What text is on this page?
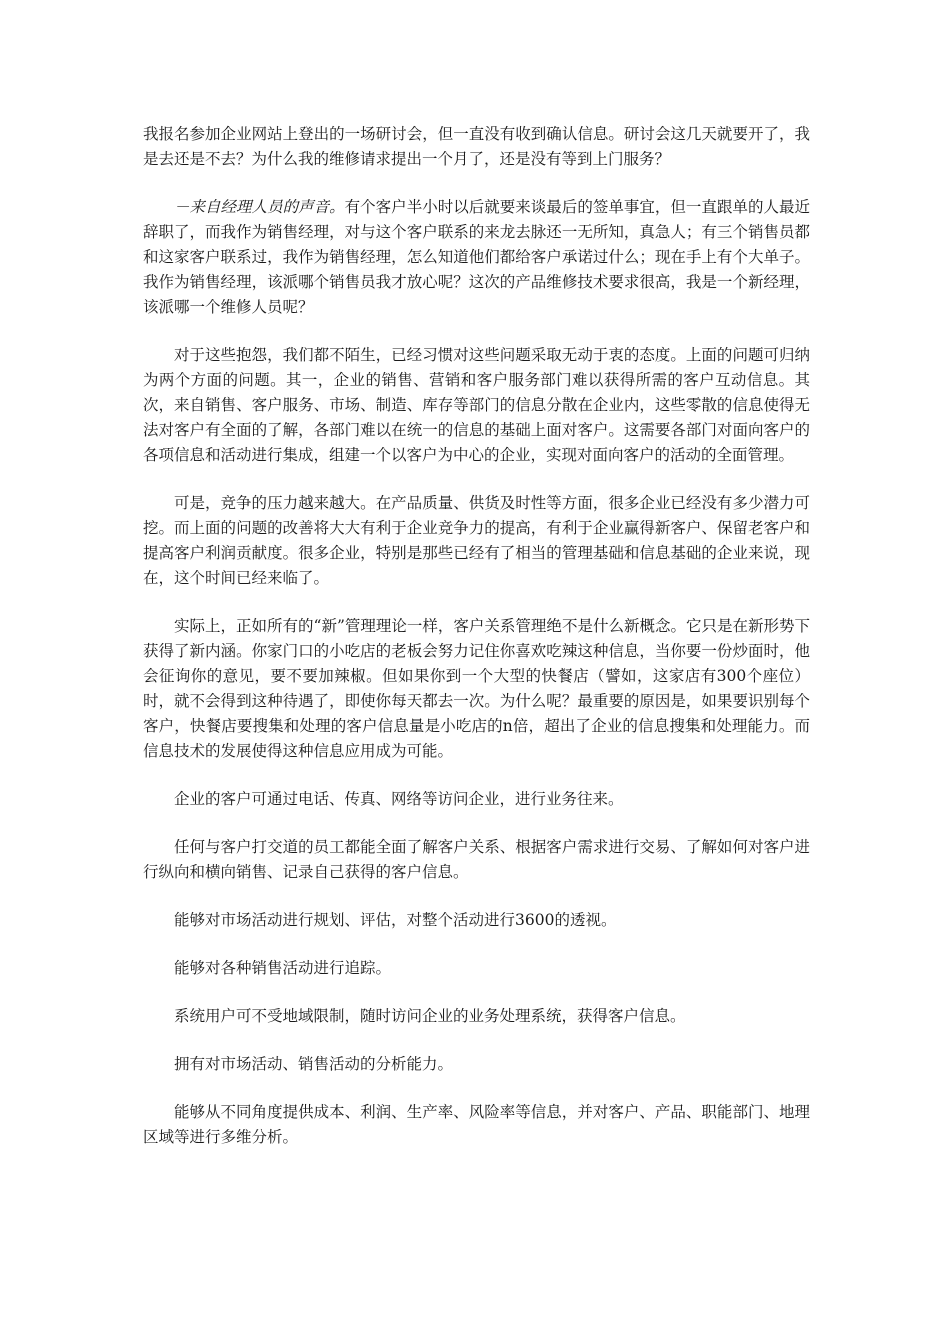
我报名参加企业网站上登出的一场研讨会，但一直没有收到确认信息。研讨会这几天就要开了，我是去还是不去？为什么我的维修请求提出一个月了，还是没有等到上门服务？

－来自经理人员的声音。有个客户半小时以后就要来谈最后的签单事宜，但一直跟单的人最近辞职了，而我作为销售经理，对与这个客户联系的来龙去脉还一无所知，真急人；有三个销售员都和这家客户联系过，我作为销售经理，怎么知道他们都给客户承诺过什么；现在手上有个大单子。我作为销售经理，该派哪个销售员我才放心呢？这次的产品维修技术要求很高，我是一个新经理，该派哪一个维修人员呢？

对于这些抱怨，我们都不陌生，已经习惯对这些问题采取无动于衷的态度。上面的问题可归纳为两个方面的问题。其一，企业的销售、营销和客户服务部门难以获得所需的客户互动信息。其次，来自销售、客户服务、市场、制造、库存等部门的信息分散在企业内，这些零散的信息使得无法对客户有全面的了解，各部门难以在统一的信息的基础上面对客户。这需要各部门对面向客户的各项信息和活动进行集成，组建一个以客户为中心的企业，实现对面向客户的活动的全面管理。

可是，竞争的压力越来越大。在产品质量、供货及时性等方面，很多企业已经没有多少潜力可挖。而上面的问题的改善将大大有利于企业竞争力的提高，有利于企业赢得新客户、保留老客户和提高客户利润贡献度。很多企业，特别是那些已经有了相当的管理基础和信息基础的企业来说，现在，这个时间已经来临了。

实际上，正如所有的“新”管理理论一样，客户关系管理绝不是什么新概念。它只是在新形势下获得了新内涵。你家门口的小吃店的老板会努力记住你喜欢吃辣这种信息，当你要一份炒面时，他会征询你的意见，要不要加辣椒。但如果你到一个大型的快餐店（譬如，这家店有300个座位）时，就不会得到这种待遇了，即使你每天都去一次。为什么呢？最重要的原因是，如果要识别每个客户，快餐店要搜集和处理的客户信息量是小吃店的n倍，超出了企业的信息搜集和处理能力。而信息技术的发展使得这种信息应用成为可能。

企业的客户可通过电话、传真、网络等访问企业，进行业务往来。

任何与客户打交道的员工都能全面了解客户关系、根据客户需求进行交易、了解如何对客户进行纵向和横向销售、记录自己获得的客户信息。

能够对市场活动进行规划、评估，对整个活动进行3600的透视。

能够对各种销售活动进行追踪。

系统用户可不受地域限制，随时访问企业的业务处理系统，获得客户信息。

拥有对市场活动、销售活动的分析能力。

能够从不同角度提供成本、利润、生产率、风险率等信息，并对客户、产品、职能部门、地理区域等进行多维分析。
